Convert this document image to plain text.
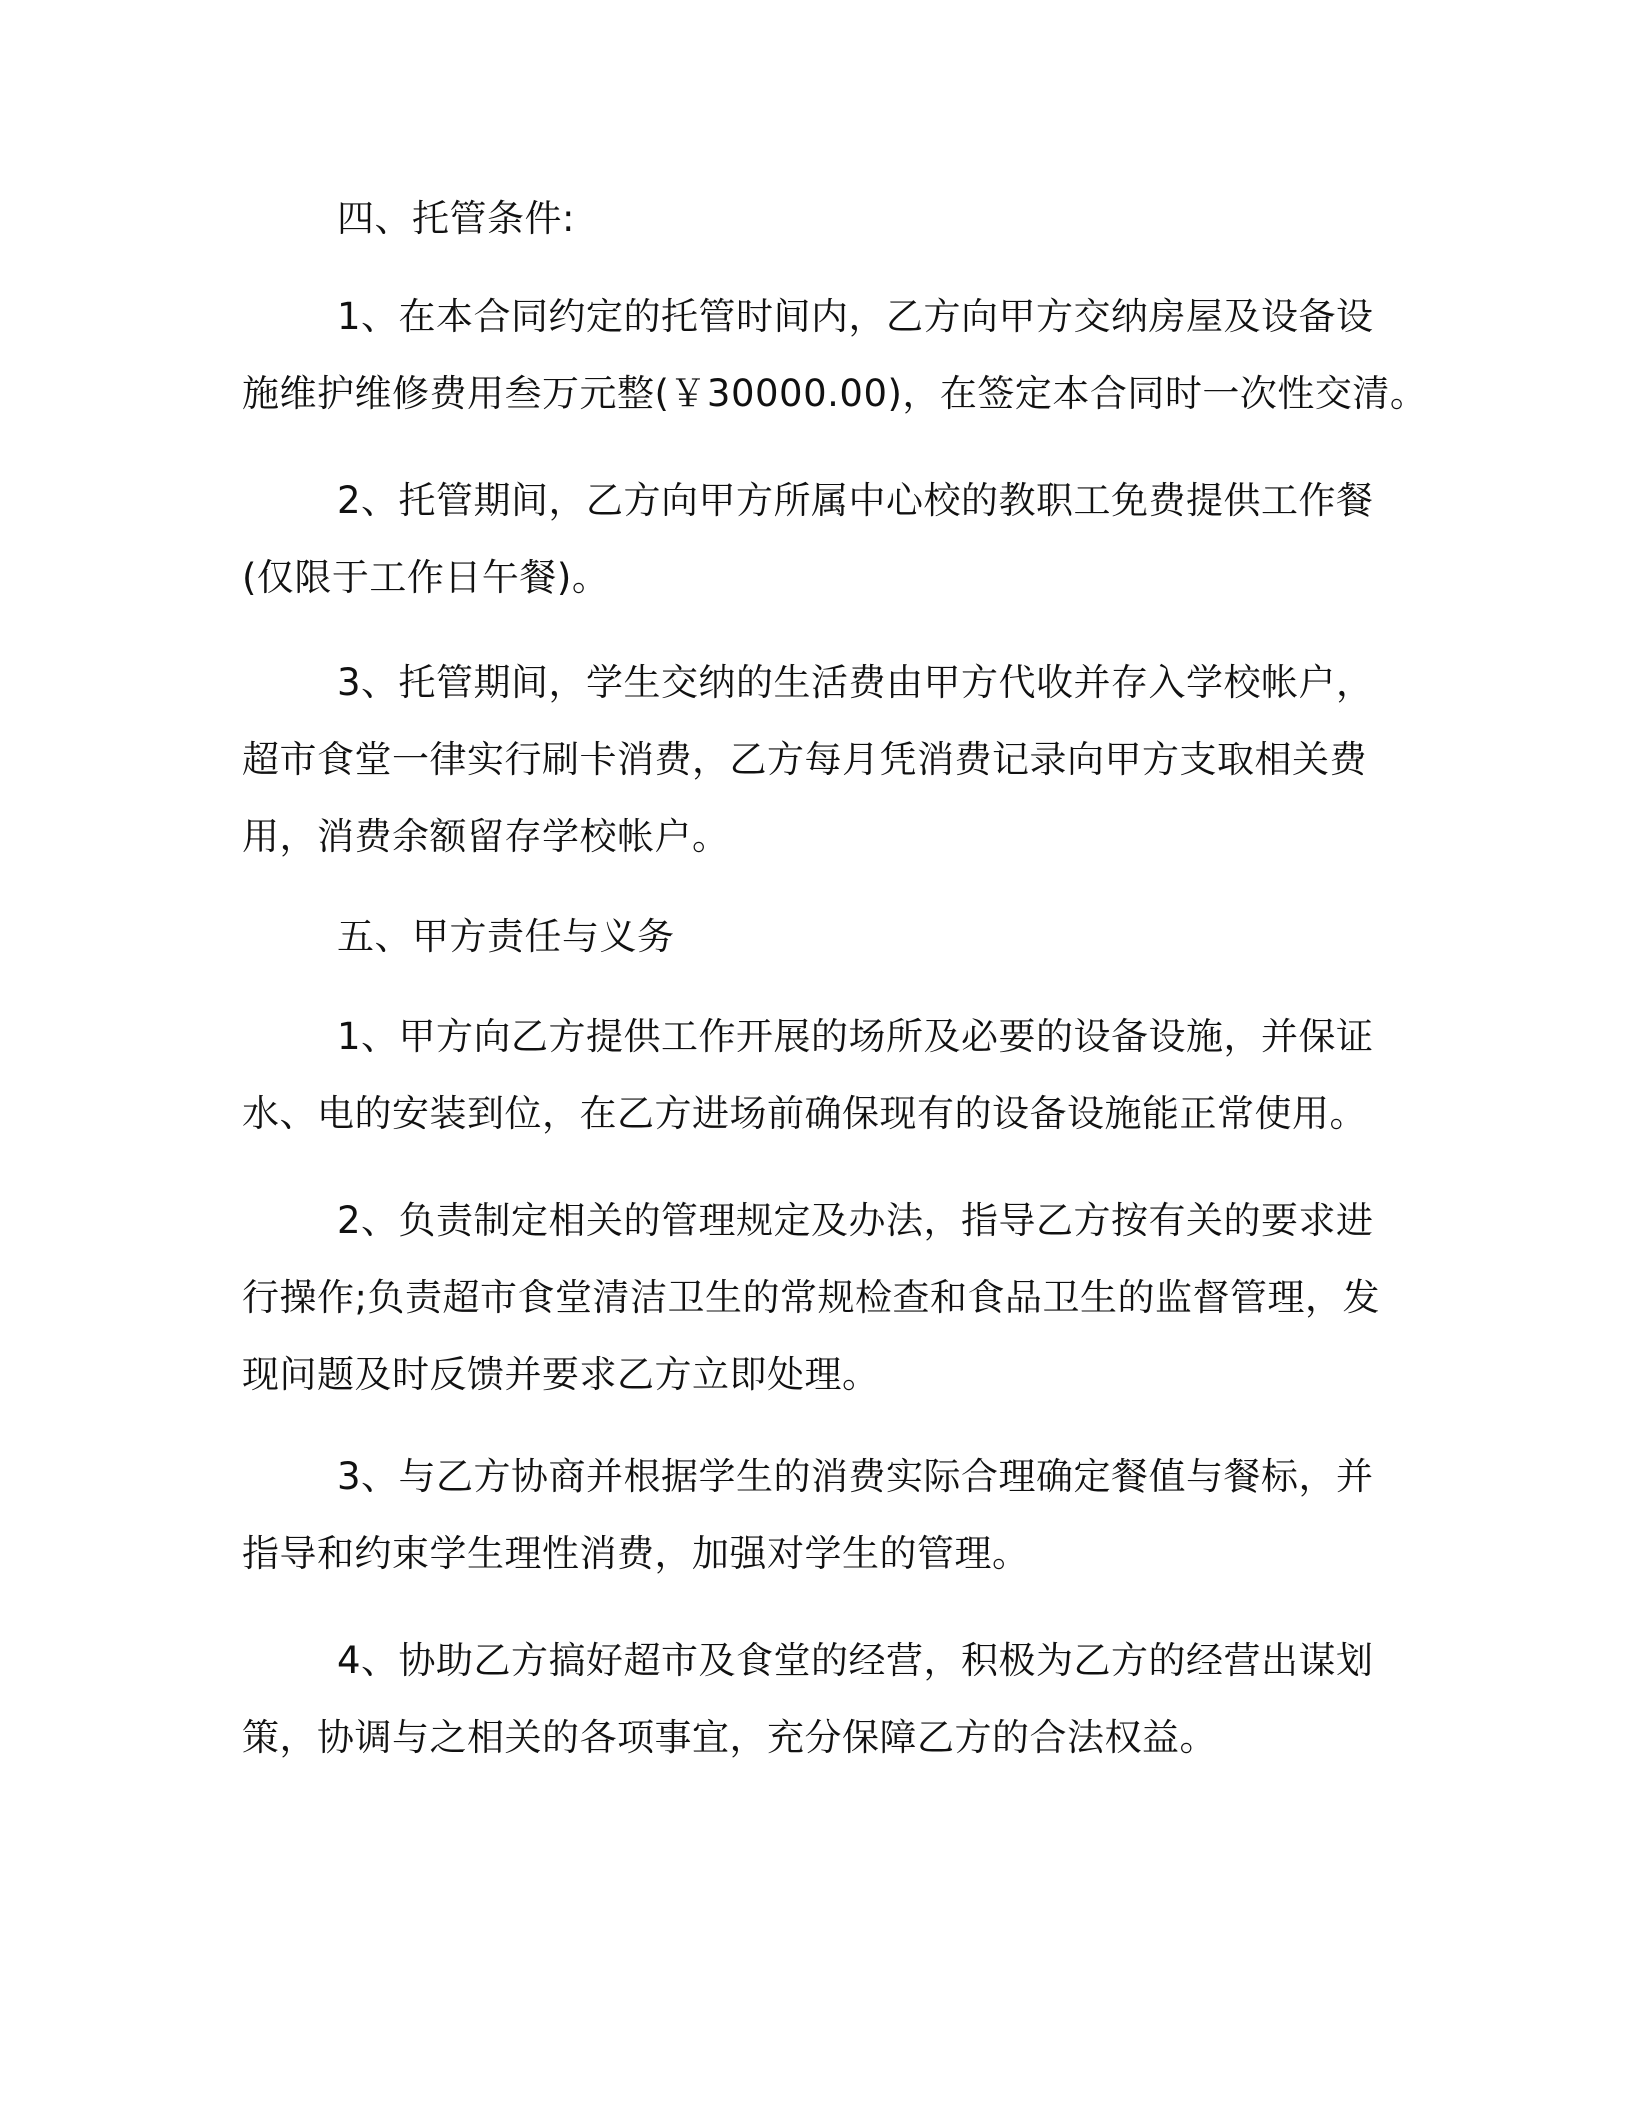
四、托管条件:
1、在本合同约定的托管时间内，乙方向甲方交纳房屋及设备设
施维护维修费用叁万元整(￥30000.00)，在签定本合同时一次性交清。
2、托管期间，乙方向甲方所属中心校的教职工免费提供工作餐
(仅限于工作日午餐)。
3、托管期间，学生交纳的生活费由甲方代收并存入学校帐户，
超市食堂一律实行刷卡消费，乙方每月凭消费记录向甲方支取相关费
用，消费余额留存学校帐户。
五、甲方责任与义务
1、甲方向乙方提供工作开展的场所及必要的设备设施，并保证
水、电的安装到位，在乙方进场前确保现有的设备设施能正常使用。
2、负责制定相关的管理规定及办法，指导乙方按有关的要求进
行操作;负责超市食堂清洁卫生的常规检查和食品卫生的监督管理，发
现问题及时反馈并要求乙方立即处理。
3、与乙方协商并根据学生的消费实际合理确定餐值与餐标，并
指导和约束学生理性消费，加强对学生的管理。
4、协助乙方搞好超市及食堂的经营，积极为乙方的经营出谋划
策，协调与之相关的各项事宜，充分保障乙方的合法权益。
